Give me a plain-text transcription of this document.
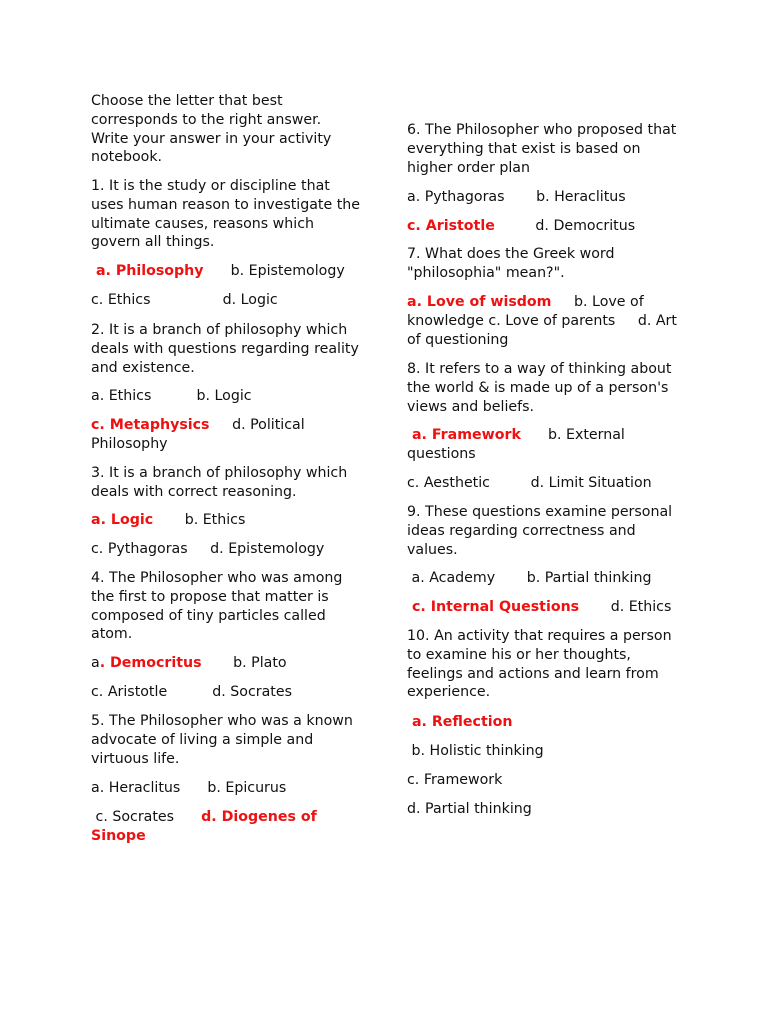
Choose the letter that best corresponds to the right answer. Write your answer in your activity notebook.

1. It is the study or discipline that uses human reason to investigate the ultimate causes, reasons which govern all things.

a. Philosophy      b. Epistemology

c. Ethics                d. Logic

2. It is a branch of philosophy which deals with questions regarding reality and existence.

a. Ethics          b. Logic

c. Metaphysics     d. Political Philosophy

3. It is a branch of philosophy which deals with correct reasoning.

a. Logic       b. Ethics

c. Pythagoras     d. Epistemology

4. The Philosopher who was among the first to propose that matter is composed of tiny particles called atom.

a. Democritus       b. Plato

c. Aristotle          d. Socrates

5. The Philosopher who was a known advocate of living a simple and virtuous life.

a. Heraclitus      b. Epicurus

c. Socrates      d. Diogenes of Sinope

6. The Philosopher who proposed that everything that exist is based on higher order plan

a. Pythagoras       b. Heraclitus

c. Aristotle         d. Democritus

7. What does the Greek word "philosophia" mean?".

a. Love of wisdom     b. Love of knowledge c. Love of parents     d. Art of questioning

8. It refers to a way of thinking about the world & is made up of a person's views and beliefs.

a. Framework      b. External questions

c. Aesthetic         d. Limit Situation

9. These questions examine personal ideas regarding correctness and values.

a. Academy       b. Partial thinking

c. Internal Questions       d. Ethics

10. An activity that requires a person to examine his or her thoughts, feelings and actions and learn from experience.

a. Reflection

b. Holistic thinking

c. Framework

d. Partial thinking
